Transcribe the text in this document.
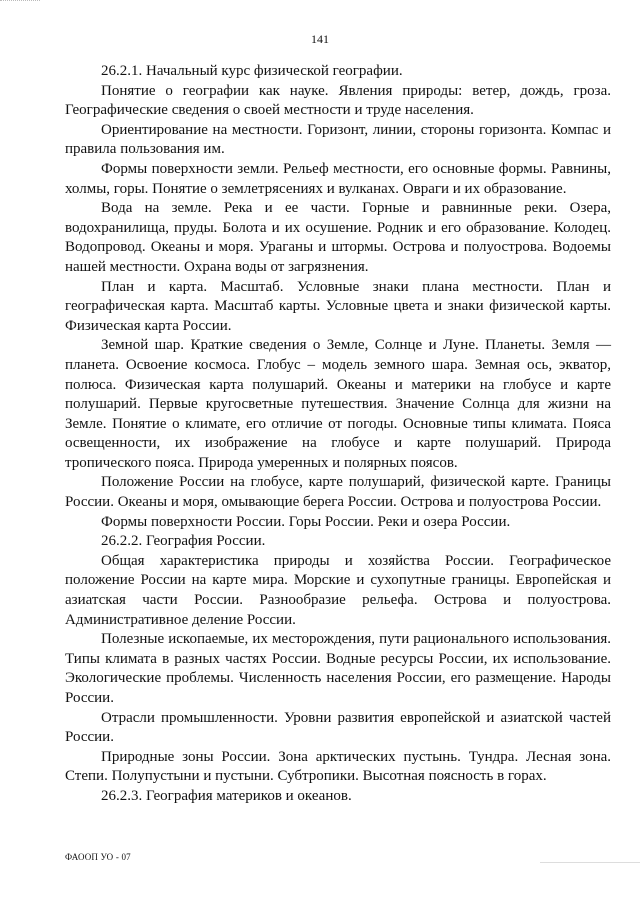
141

26.2.1. Начальный курс физической географии.

Понятие о географии как науке. Явления природы: ветер, дождь, гроза. Географические сведения о своей местности и труде населения.

Ориентирование на местности. Горизонт, линии, стороны горизонта. Компас и правила пользования им.

Формы поверхности земли. Рельеф местности, его основные формы. Равнины, холмы, горы. Понятие о землетрясениях и вулканах. Овраги и их образование.

Вода на земле. Река и ее части. Горные и равнинные реки. Озера, водохранилища, пруды. Болота и их осушение. Родник и его образование. Колодец. Водопровод. Океаны и моря. Ураганы и штормы. Острова и полуострова. Водоемы нашей местности. Охрана воды от загрязнения.

План и карта. Масштаб. Условные знаки плана местности. План и географическая карта. Масштаб карты. Условные цвета и знаки физической карты. Физическая карта России.

Земной шар. Краткие сведения о Земле, Солнце и Луне. Планеты. Земля — планета. Освоение космоса. Глобус – модель земного шара. Земная ось, экватор, полюса. Физическая карта полушарий. Океаны и материки на глобусе и карте полушарий. Первые кругосветные путешествия. Значение Солнца для жизни на Земле. Понятие о климате, его отличие от погоды. Основные типы климата. Пояса освещенности, их изображение на глобусе и карте полушарий. Природа тропического пояса. Природа умеренных и полярных поясов.

Положение России на глобусе, карте полушарий, физической карте. Границы России. Океаны и моря, омывающие берега России. Острова и полуострова России.

Формы поверхности России. Горы России. Реки и озера России.

26.2.2. География России.

Общая характеристика природы и хозяйства России. Географическое положение России на карте мира. Морские и сухопутные границы. Европейская и азиатская части России. Разнообразие рельефа. Острова и полуострова. Административное деление России.

Полезные ископаемые, их месторождения, пути рационального использования. Типы климата в разных частях России. Водные ресурсы России, их использование. Экологические проблемы. Численность населения России, его размещение. Народы России.

Отрасли промышленности. Уровни развития европейской и азиатской частей России.

Природные зоны России. Зона арктических пустынь. Тундра. Лесная зона. Степи. Полупустыни и пустыни. Субтропики. Высотная поясность в горах.

26.2.3. География материков и океанов.

ФАООП УО - 07
